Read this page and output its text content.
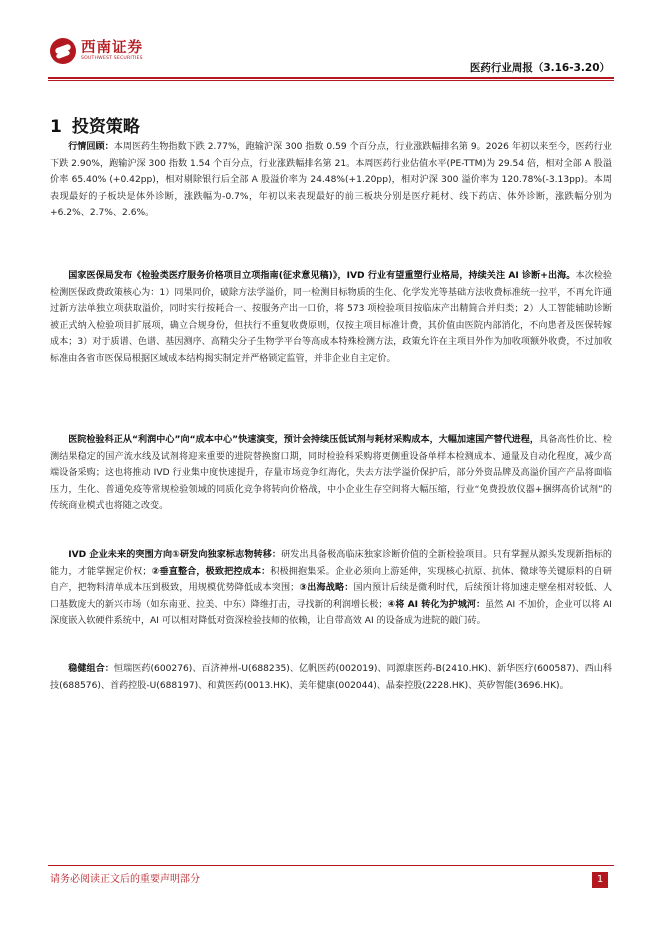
西南证券
SOUTHWEST SECURITIES
医药行业周报（3.16-3.20）
1 投资策略

行情回顾：本周医药生物指数下跌 2.77%，跑输沪深 300 指数 0.59 个百分点，行业涨跌幅排名第 9。2026 年初以来至今，医药行业下跌 2.90%，跑输沪深 300 指数 1.54 个百分点，行业涨跌幅排名第 21。本周医药行业估值水平(PE-TTM)为 29.54 倍，相对全部 A 股溢价率 65.40% (+0.42pp)，相对剔除银行后全部 A 股溢价率为 24.48%(+1.20pp)，相对沪深 300 溢价率为 120.78%(-3.13pp)。本周表现最好的子板块是体外诊断，涨跌幅为-0.7%，年初以来表现最好的前三板块分别是医疗耗材、线下药店、体外诊断，涨跌幅分别为+6.2%、2.7%、2.6%。

国家医保局发布《检验类医疗服务价格项目立项指南(征求意见稿)》，IVD 行业有望重塑行业格局，持续关注 AI 诊断+出海。本次检验检测医保政费政策核心为：1）同果同价，破除方法学溢价，同一检测目标物质的生化、化学发光等基础方法收费标准统一拉平，不再允许通过新方法单独立项获取溢价，同时实行按耗合一、按服务产出一口价，将 573 项检验项目按临床产出精简合并归类；2）人工智能辅助诊断被正式纳入检验项目扩展项，确立合规身份，但扶行不重复收费原则，仅按主项目标准计费，其价值由医院内部消化，不向患者及医保转嫁成本；3）对于质谱、色谱、基因测序、高精尖分子生物学平台等高成本特殊检测方法，政策允许在主项目外作为加收项额外收费，不过加收标准由各省市医保局根据区域成本结构揭实制定并严格锁定监管，并非企业自主定价。

医院检验科正从“利润中心”向“成本中心”快速演变，预计会持续压低试剂与耗材采购成本，大幅加速国产替代进程，具备高性价比、检测结果稳定的国产流水线及试剂将迎来重要的进院替换窗口期，同时检验科采购将更侧重设备单样本检测成本、通量及自动化程度，减少高端设备采购；这也将推动 IVD 行业集中度快速提升，存量市场竞争红海化，失去方法学溢价保护后，部分外资品牌及高溢价国产产品将面临压力，生化、普通免疫等常规检验领域的同质化竞争将转向价格战，中小企业生存空间将大幅压缩，行业“免费投放仪器+捆绑高价试剂”的传统商业模式也将随之改变。

IVD 企业未来的突围方向①研发向独家标志物转移：研发出具备极高临床独家诊断价值的全新检验项目。只有掌握从源头发现新指标的能力，才能掌握定价权；②垂直整合，极致把控成本：积极拥抱集采。企业必须向上游延伸，实现核心抗原、抗体、微球等关键原料的自研自产，把物料清单成本压到极致，用规模优势降低成本突围；③出海战略：国内预计后续是微利时代，后续预计将加速走壁垒相对较低、人口基数庞大的新兴市场（如东南亚、拉美、中东）降维打击，寻找新的利润增长极；④将 AI 转化为护城河：虽然 AI 不加价，企业可以将 AI 深度嵌入软硬件系统中，AI 可以相对降低对资深检验技师的依赖，让自带高效 AI 的设备成为进院的敲门砖。

稳健组合：恒瑞医药(600276)、百济神州-U(688235)、亿帆医药(002019)、同源康医药-B(2410.HK)、新华医疗(600587)、西山科技(688576)、首药控股-U(688197)、和黄医药(0013.HK)、美年健康(002044)、晶泰控股(2228.HK)、英矽智能(3696.HK)。

请务必阅读正文后的重要声明部分	1
